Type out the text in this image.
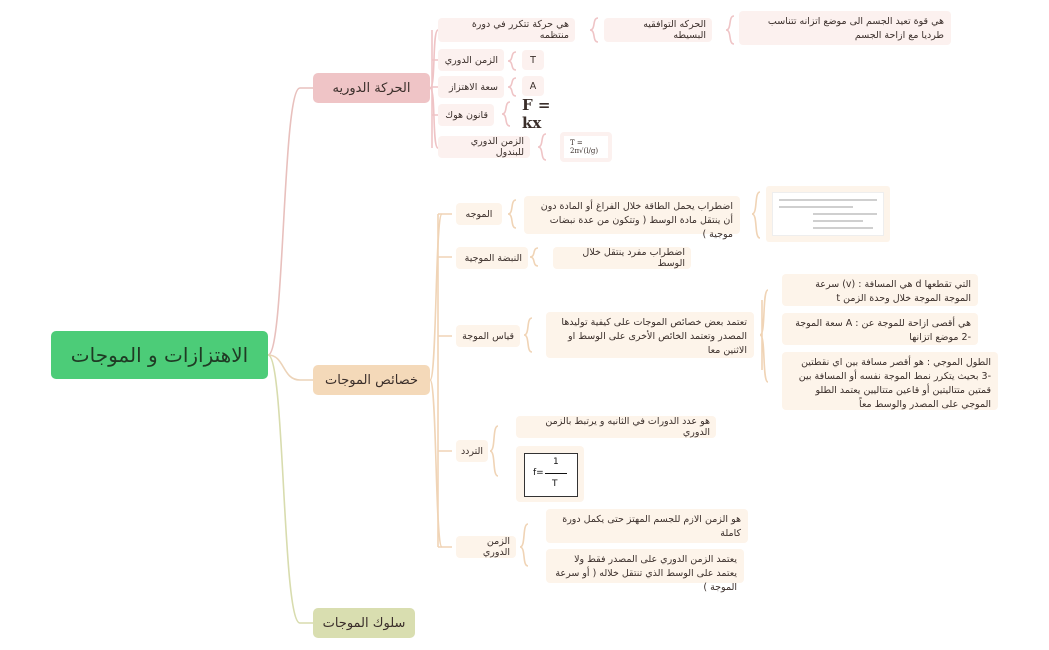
الاهتزازات و الموجات
الحركة الدوريه
خصائص الموجات
سلوك الموجات
هي حركة تتكرر في دورة منتظمه
الحركه التوافقيه البسيطه
هي قوة تعيد الجسم الى موضع اتزانه تتناسب طرديا مع ازاحة الجسم
الزمن الدوري	T
سعة الاهتزاز	A
قانون هوك
F = kx
الزمن الدوري للبندول
T = 2π√(l/g)
الموجه
اضطراب يحمل الطاقة خلال الفراغ أو المادة دون أن ينتقل مادة الوسط ( وتتكون من عدة نبضات موجية )
النبضة الموجية	اضطراب مفرد ينتقل خلال الوسط
قياس الموجة
تعتمد بعض خصائص الموجات على كيفية توليدها المصدر وتعتمد الخائص الأخرى على الوسط او الاثنين معا
التي تقطعها d هي المسافة : (v) سرعة الموجة الموجة خلال وحدة الزمن t
هي أقصى ازاحة للموجة عن : A سعة الموجة -2 موضع اتزانها
الطول الموجي : هو أقصر مسافة بين اي نقطتين -3 بحيث يتكرر نمط الموجة نفسه أو المسافة بين قمتين متتاليتين أو قاعين متتاليين يعتمد الطلو الموجي على المصدر والوسط معاً
التردد
هو عدد الدورات في الثانيه و يرتبط بالزمن الدوري
f=
1
T
الزمن الدوري
هو الزمن الازم للجسم المهتز حتى يكمل دورة كاملة
يعتمد الزمن الدوري على المصدر فقط ولا يعتمد على الوسط الذي تنتقل خلاله ( أو سرعة الموجة )
